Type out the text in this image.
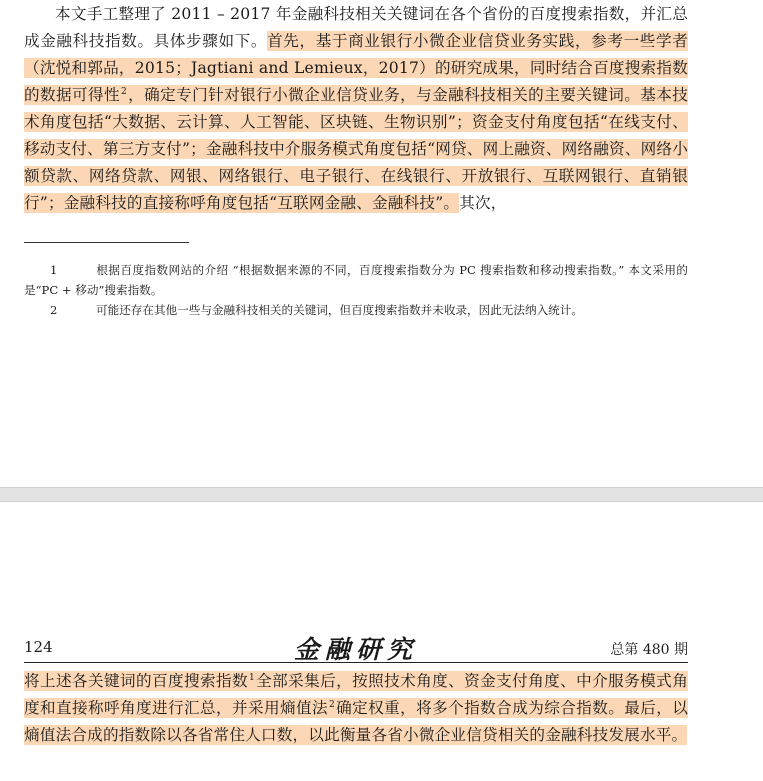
本文手工整理了 2011 – 2017 年金融科技相关关键词在各个省份的百度搜索指数，并汇总成金融科技指数。具体步骤如下。首先，基于商业银行小微企业信贷业务实践，参考一些学者（沈悦和郭品，2015；Jagtiani and Lemieux，2017）的研究成果，同时结合百度搜索指数的数据可得性$^2$，确定专门针对银行小微企业信贷业务，与金融科技相关的主要关键词。基本技术角度包括“大数据、云计算、人工智能、区块链、生物识别”；资金支付角度包括“在线支付、移动支付、第三方支付”；金融科技中介服务模式角度包括“网贷、网上融资、网络融资、网络小额贷款、网络贷款、网银、网络银行、电子银行、在线银行、开放银行、互联网银行、直销银行”；金融科技的直接称呼角度包括“互联网金融、金融科技”。其次，
1	根据百度指数网站的介绍 “根据数据来源的不同，百度搜索指数分为 PC 搜索指数和移动搜索指数。” 本文采用的是“PC + 移动”搜索指数。
2	可能还存在其他一些与金融科技相关的关键词，但百度搜索指数并未收录，因此无法纳入统计。
124	金融研究	总第 480 期
将上述各关键词的百度搜索指数$^1$全部采集后，按照技术角度、资金支付角度、中介服务模式角度和直接称呼角度进行汇总，并采用熵值法$^2$确定权重，将多个指数合成为综合指数。最后，以熵值法合成的指数除以各省常住人口数，以此衡量各省小微企业信贷相关的金融科技发展水平。
